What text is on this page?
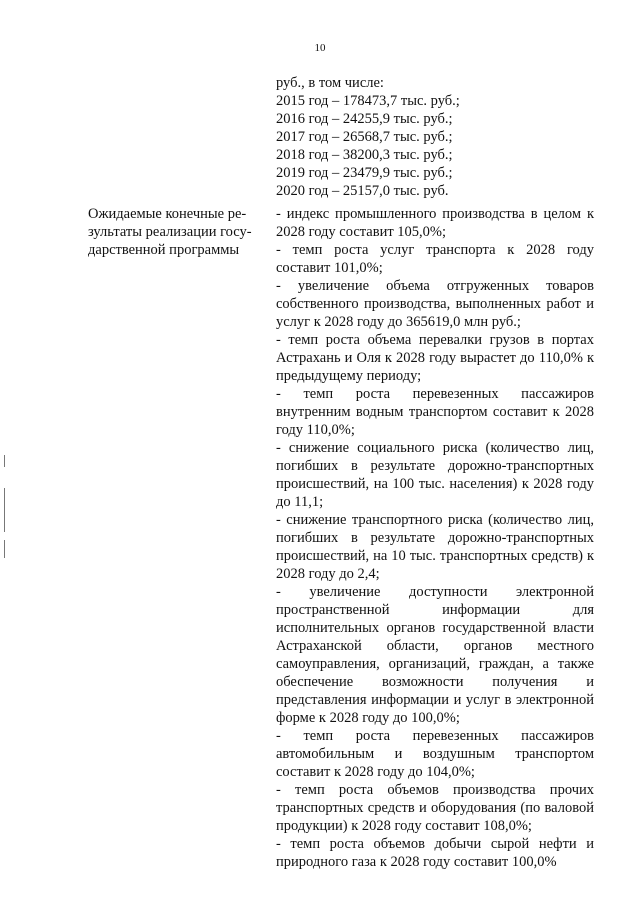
10
руб., в том числе:
2015 год – 178473,7 тыс. руб.;
2016 год – 24255,9 тыс. руб.;
2017 год – 26568,7 тыс. руб.;
2018 год – 38200,3 тыс. руб.;
2019 год – 23479,9 тыс. руб.;
2020 год – 25157,0 тыс. руб.
Ожидаемые конечные ре-
зультаты реализации госу-
дарственной программы
- индекс промышленного производства в целом к 2028 году составит 105,0%;
- темп роста услуг транспорта к 2028 году составит 101,0%;
- увеличение объема отгруженных товаров собственного производства, выполненных работ и услуг к 2028 году до 365619,0 млн руб.;
- темп роста объема перевалки грузов в портах Астрахань и Оля к 2028 году вырастет до 110,0% к предыдущему периоду;
- темп роста перевезенных пассажиров внутренним водным транспортом составит к 2028 году 110,0%;
- снижение социального риска (количество лиц, погибших в результате дорожно-транспортных происшествий, на 100 тыс. населения) к 2028 году до 11,1;
- снижение транспортного риска (количество лиц, погибших в результате дорожно-транспортных происшествий, на 10 тыс. транспортных средств) к 2028 году до 2,4;
- увеличение доступности электронной пространственной информации для исполнительных органов государственной власти Астраханской области, органов местного самоуправления, организаций, граждан, а также обеспечение возможности получения и представления информации и услуг в электронной форме к 2028 году до 100,0%;
- темп роста перевезенных пассажиров автомобильным и воздушным транспортом составит к 2028 году до 104,0%;
- темп роста объемов производства прочих транспортных средств и оборудования (по валовой продукции) к 2028 году составит 108,0%;
- темп роста объемов добычи сырой нефти и природного газа к 2028 году составит 100,0%
